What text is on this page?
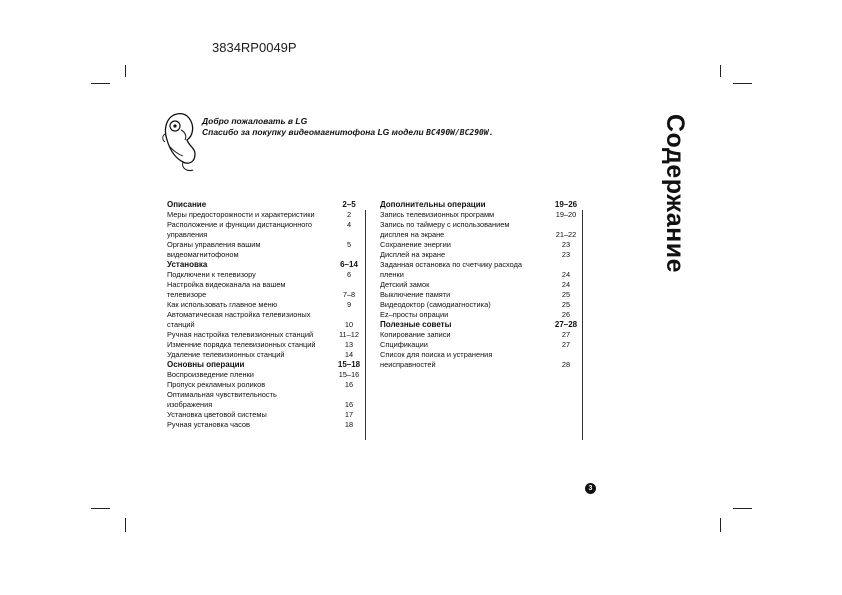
3834RP0049P
Добро пожаловать в LG
Спасибо за покупку видеомагнитофона LG модели BC490W/BC290W.
Описание	2–5
Меры предосторожности и характеристики	2
Расположение и функции дистанционного	4
управления
Органы управления вашим	5
видеомагнитофоном
Установка	6–14
Подключени к телевизору	6
Настройка видеоканала на вашем
телевизоре	7–8
Как использовать главное меню	9
Автоматическая настройка телевизионых
станций	10
Ручная настройка телевизионных станций	11–12
Изменние порядка телевизионных станций	13
Удаление телевизионных станций	14
Основны операции	15–18
Воспроизведение пленки	15–16
Пропуск рекламных роликов	16
Оптимальная чувствительность
изображения	16
Установка цветовой системы	17
Ручная установка часов	18
Дополнительны операции	19–26
Запись телевизионных программ	19–20
Запись по таймеру с использованием
дисплея на экране	21–22
Сохранение энергии	23
Дисплей на экране	23
Заданная остановка по счетчику расхода
пленки	24
Детский замок	24
Выключение памяти	25
Видеодоктор (самодиагностика)	25
Ez–просты опрации	26
Полезные советы	27–28
Копирование записи	27
Спцификации	27
Список для поиска и устранения
неисправностей	28
Содержание
3
